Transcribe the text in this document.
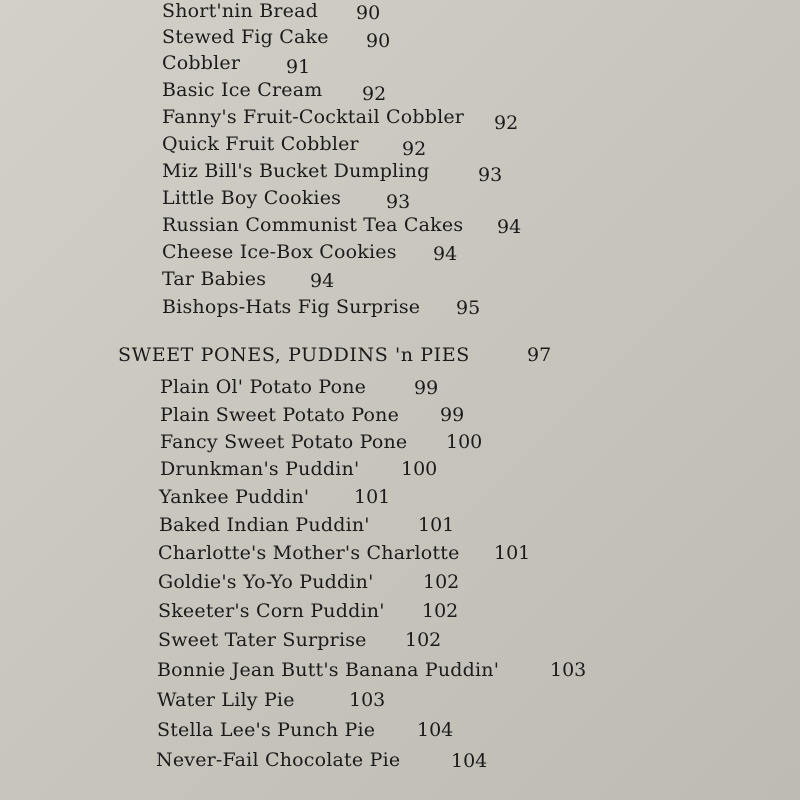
Short'nin Bread 90
Stewed Fig Cake 90
Cobbler 91
Basic Ice Cream 92
Fanny's Fruit-Cocktail Cobbler 92
Quick Fruit Cobbler 92
Miz Bill's Bucket Dumpling	93
Little Boy Cookies 93
Russian Communist Tea Cakes 94
Cheese Ice-Box Cookies 94
Tar Babies 94
Bishops-Hats Fig Surprise 95
SWEET PONES, PUDDINS 'n PIES	97
Plain Ol' Potato Pone	99
Plain Sweet Potato Pone 99
Fancy Sweet Potato Pone 100
Drunkman's Puddin' 100
Yankee Puddin' 101
Baked Indian Puddin'	101
Charlotte's Mother's Charlotte 101
Goldie's Yo-Yo Puddin'	102
Skeeter's Corn Puddin' 102
Sweet Tater Surprise 102
Bonnie Jean Butt's Banana Puddin'	103
Water Lily Pie	103
Stella Lee's Punch Pie 104
Never-Fail Chocolate Pie	104
